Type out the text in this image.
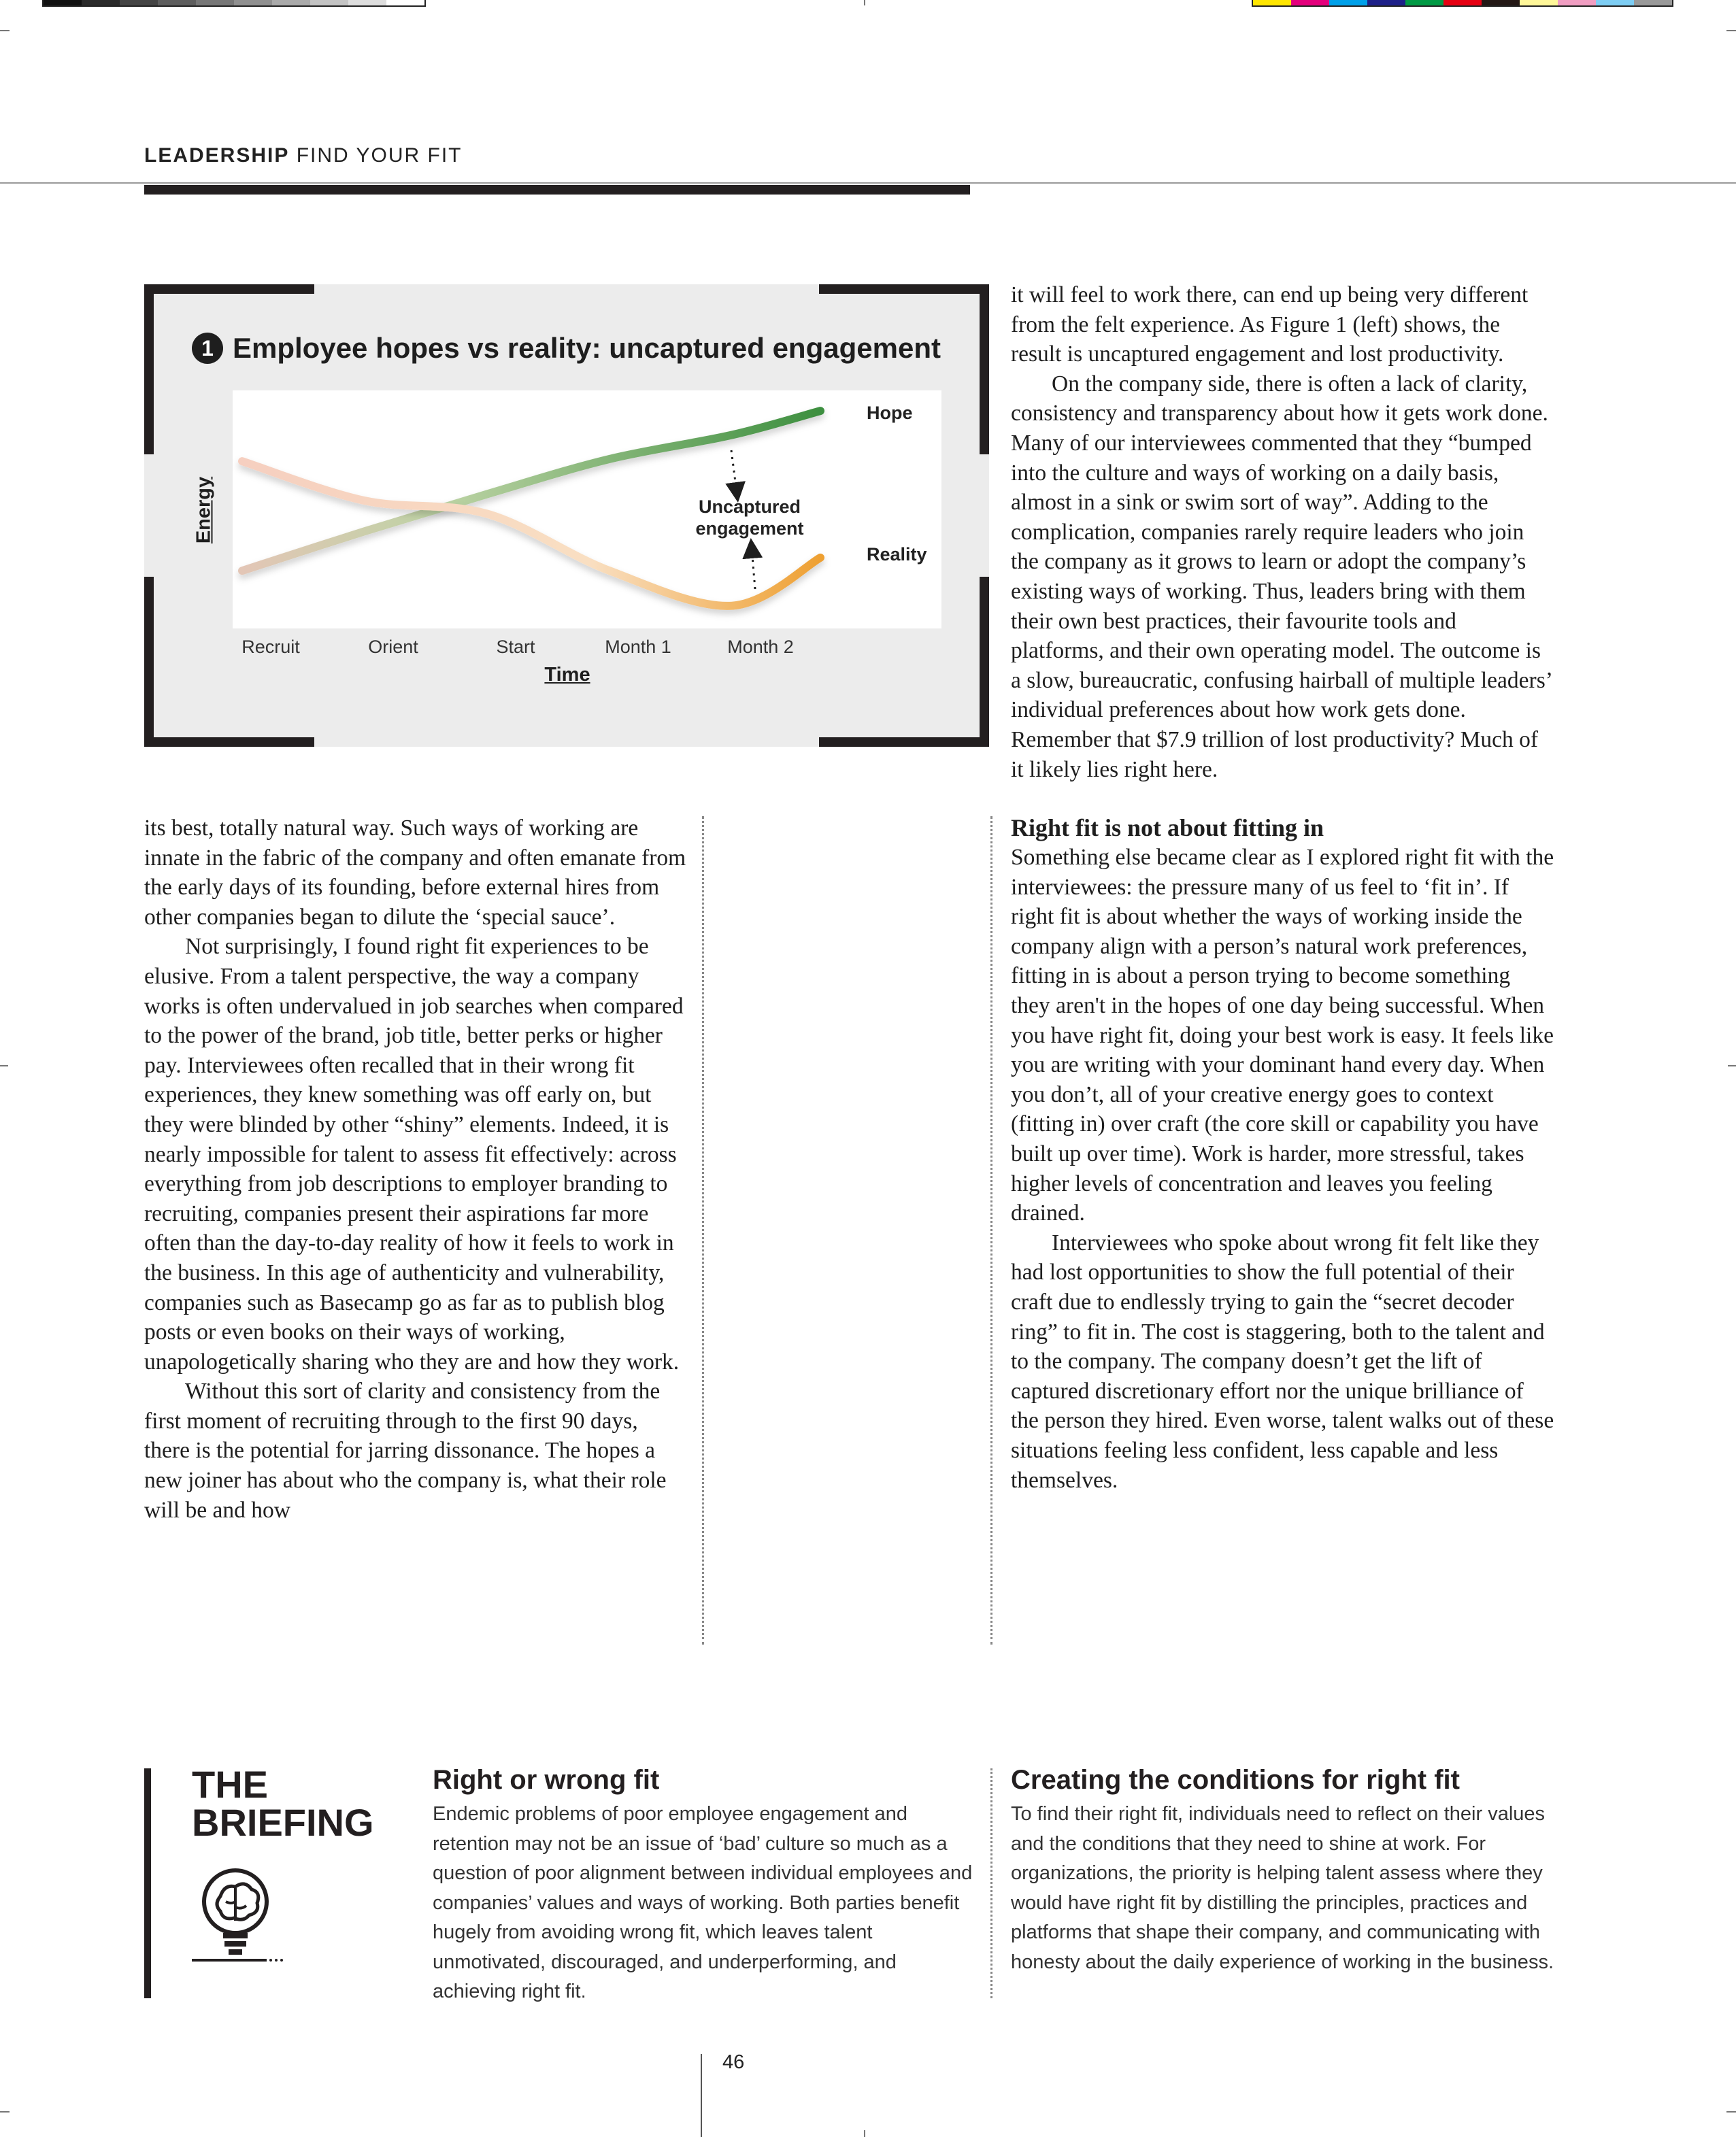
LEADERSHIP FIND YOUR FIT
1 Employee hopes vs reality: uncaptured engagement
Hope
Reality
Uncaptured
engagement
Recruit	Orient	Start	Month 1	Month 2
Time
Energy

its best, totally natural way. Such ways of working are innate in the fabric of the company and often emanate from the early days of its founding, before external hires from other companies began to dilute the ‘special sauce’.

Not surprisingly, I found right fit experiences to be elusive. From a talent perspective, the way a company works is often undervalued in job searches when compared to the power of the brand, job title, better perks or higher pay. Interviewees often recalled that in their wrong fit experiences, they knew something was off early on, but they were blinded by other “shiny” elements. Indeed, it is nearly impossible for talent to assess fit effectively: across everything from job descriptions to employer branding to recruiting, companies present their aspirations far more often than the day-to-day reality of how it feels to work in the business. In this age of authenticity and vulnerability, companies such as Basecamp go as far as to publish blog posts or even books on their ways of working, unapologetically sharing who they are and how they work.

Without this sort of clarity and consistency from the first moment of recruiting through to the first 90 days, there is the potential for jarring dissonance. The hopes a new joiner has about who the company is, what their role will be and how

it will feel to work there, can end up being very different from the felt experience. As Figure 1 (left) shows, the result is uncaptured engagement and lost productivity.

On the company side, there is often a lack of clarity, consistency and transparency about how it gets work done. Many of our interviewees commented that they “bumped into the culture and ways of working on a daily basis, almost in a sink or swim sort of way”. Adding to the complication, companies rarely require leaders who join the company as it grows to learn or adopt the company’s existing ways of working. Thus, leaders bring with them their own best practices, their favourite tools and platforms, and their own operating model. The outcome is a slow, bureaucratic, confusing hairball of multiple leaders’ individual preferences about how work gets done. Remember that $7.9 trillion of lost productivity? Much of it likely lies right here.

Right fit is not about fitting in

Something else became clear as I explored right fit with the interviewees: the pressure many of us feel to ‘fit in’. If right fit is about whether the ways of working inside the company align with a person’s natural work preferences, fitting in is about a person trying to become something they aren't in the hopes of one day being successful. When you have right fit, doing your best work is easy. It feels like you are writing with your dominant hand every day. When you don’t, all of your creative energy goes to context (fitting in) over craft (the core skill or capability you have built up over time). Work is harder, more stressful, takes higher levels of concentration and leaves you feeling drained.

Interviewees who spoke about wrong fit felt like they had lost opportunities to show the full potential of their craft due to endlessly trying to gain the “secret decoder ring” to fit in. The cost is staggering, both to the talent and to the company. The company doesn’t get the lift of captured discretionary effort nor the unique brilliance of the person they hired. Even worse, talent walks out of these situations feeling less confident, less capable and less themselves.

THE
BRIEFING
Right or wrong fit

Endemic problems of poor employee engagement and retention may not be an issue of ‘bad’ culture so much as a question of poor alignment between individual employees and companies’ values and ways of working. Both parties benefit hugely from avoiding wrong fit, which leaves talent unmotivated, discouraged, and underperforming, and achieving right fit.

Creating the conditions for right fit

To find their right fit, individuals need to reflect on their values and the conditions that they need to shine at work. For organizations, the priority is helping talent assess where they would have right fit by distilling the principles, practices and platforms that shape their company, and communicating with honesty about the daily experience of working in the business.

46
